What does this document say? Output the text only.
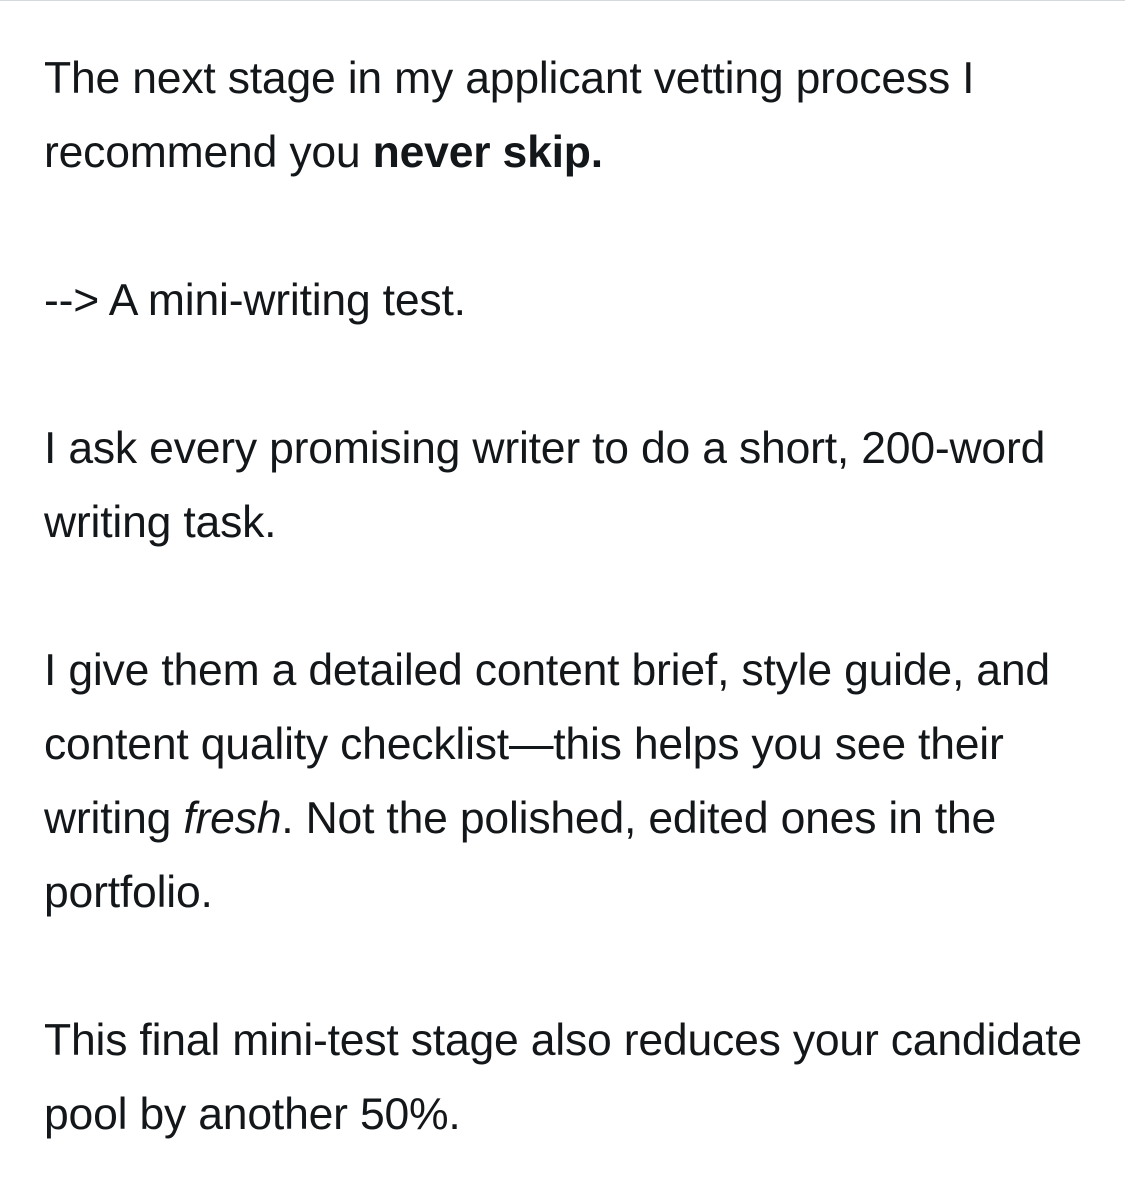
The next stage in my applicant vetting process I recommend you never skip.

--> A mini-writing test.

I ask every promising writer to do a short, 200-word writing task.

I give them a detailed content brief, style guide, and content quality checklist—this helps you see their writing fresh. Not the polished, edited ones in the portfolio.

This final mini-test stage also reduces your candidate pool by another 50%.
